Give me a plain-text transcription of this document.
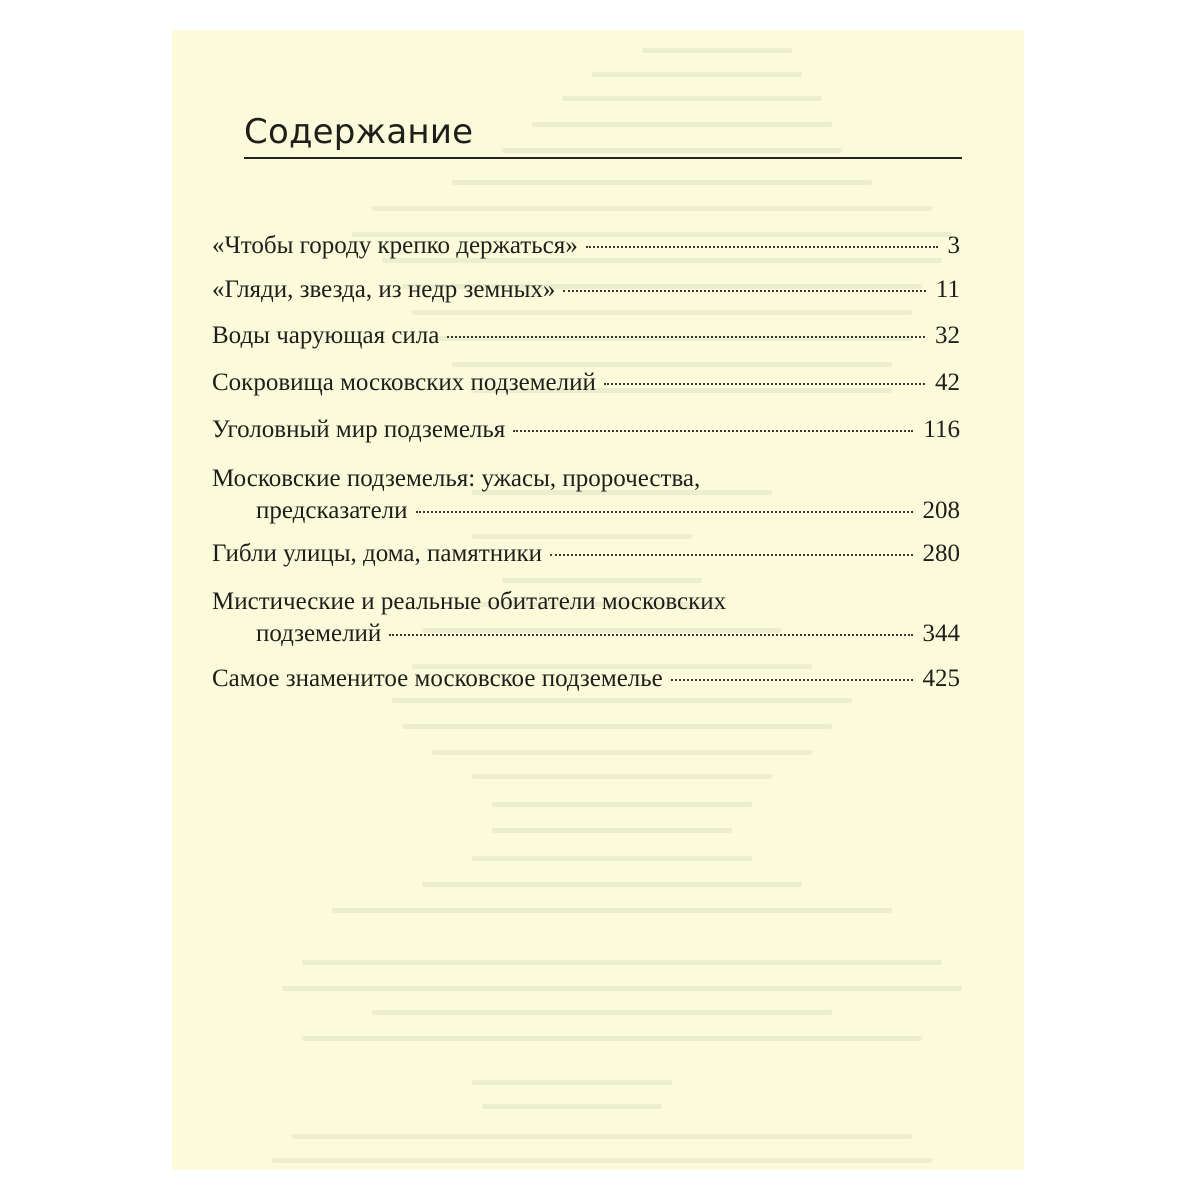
Содержание
«Чтобы городу крепко держаться»	3
«Гляди, звезда, из недр земных»	11
Воды чарующая сила	32
Сокровища московских подземелий	42
Уголовный мир подземелья	116
Московские подземелья: ужасы, пророчества,
предсказатели	208
Гибли улицы, дома, памятники	280
Мистические и реальные обитатели московских
подземелий	344
Самое знаменитое московское подземелье	425
